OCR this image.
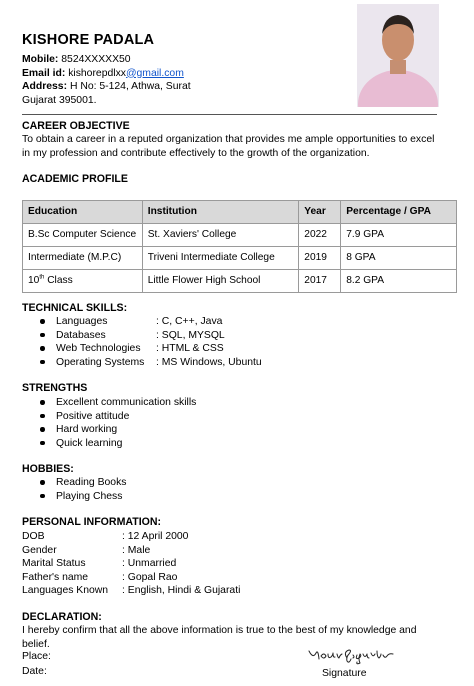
KISHORE PADALA
Mobile: 8524XXXXX50
Email id: kishorepdlxx@gmail.com
Address: H No: 5-124, Athwa, Surat
Gujarat 395001.
CAREER OBJECTIVE
To obtain a career in a reputed organization that provides me ample opportunities to excel in my profession and contribute effectively to the growth of the organization.
ACADEMIC PROFILE
Education	Institution	Year	Percentage / GPA
B.Sc Computer Science	St. Xaviers' College	2022	7.9 GPA
Intermediate (M.P.C)	Triveni Intermediate College	2019	8 GPA
10th Class	Little Flower High School	2017	8.2 GPA
TECHNICAL SKILLS:
Languages	: C, C++, Java
Databases	: SQL, MYSQL
Web Technologies : HTML & CSS
Operating Systems : MS Windows, Ubuntu
STRENGTHS
Excellent communication skills
Positive attitude
Hard working
Quick learning
HOBBIES:
Reading Books
Playing Chess
PERSONAL INFORMATION:
DOB	: 12 April 2000
Gender	: Male
Marital Status	: Unmarried
Father's name	: Gopal Rao
Languages Known : English, Hindi & Gujarati
DECLARATION:
I hereby confirm that all the above information is true to the best of my knowledge and belief.
Place:
Date:	Signature
